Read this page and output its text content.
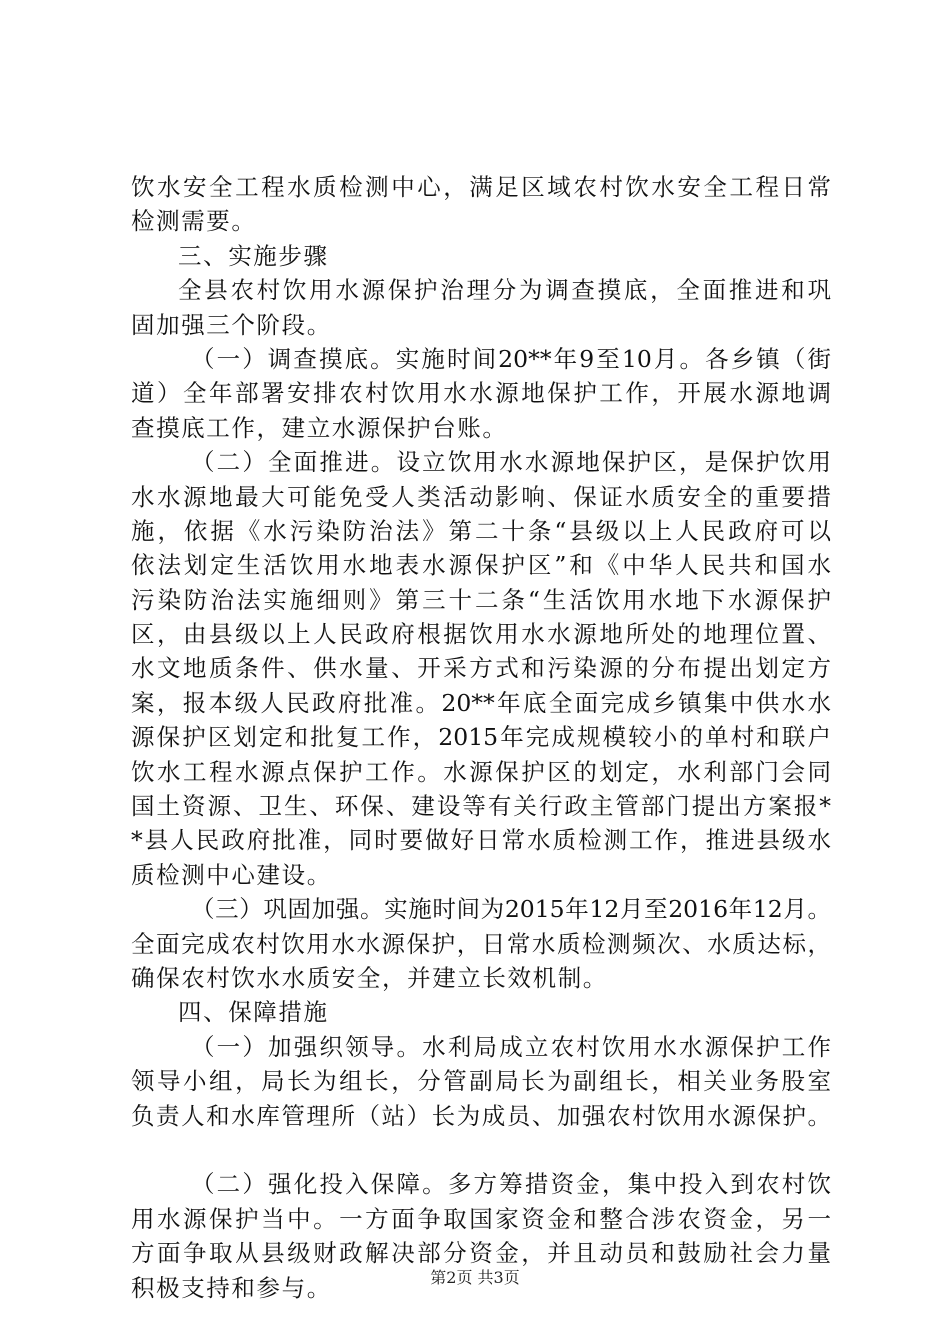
饮水安全工程水质检测中心，满足区域农村饮水安全工程日常
检测需要。
三、实施步骤
全县农村饮用水源保护治理分为调查摸底，全面推进和巩
固加强三个阶段。
（一）调查摸底。实施时间20**年9至10月。各乡镇（街
道）全年部署安排农村饮用水水源地保护工作，开展水源地调
查摸底工作，建立水源保护台账。
（二）全面推进。设立饮用水水源地保护区，是保护饮用
水水源地最大可能免受人类活动影响、保证水质安全的重要措
施，依据《水污染防治法》第二十条“县级以上人民政府可以
依法划定生活饮用水地表水源保护区”和《中华人民共和国水
污染防治法实施细则》第三十二条“生活饮用水地下水源保护
区，由县级以上人民政府根据饮用水水源地所处的地理位置、
水文地质条件、供水量、开采方式和污染源的分布提出划定方
案，报本级人民政府批准。20**年底全面完成乡镇集中供水水
源保护区划定和批复工作，2015年完成规模较小的单村和联户
饮水工程水源点保护工作。水源保护区的划定，水利部门会同
国土资源、卫生、环保、建设等有关行政主管部门提出方案报*
*县人民政府批准，同时要做好日常水质检测工作，推进县级水
质检测中心建设。
（三）巩固加强。实施时间为2015年12月至2016年12月。
全面完成农村饮用水水源保护，日常水质检测频次、水质达标，
确保农村饮水水质安全，并建立长效机制。
四、保障措施
（一）加强织领导。水利局成立农村饮用水水源保护工作
领导小组，局长为组长，分管副局长为副组长，相关业务股室
负责人和水库管理所（站）长为成员、加强农村饮用水源保护。
（二）强化投入保障。多方筹措资金，集中投入到农村饮
用水源保护当中。一方面争取国家资金和整合涉农资金，另一
方面争取从县级财政解决部分资金，并且动员和鼓励社会力量
积极支持和参与。	第2页 共3页
